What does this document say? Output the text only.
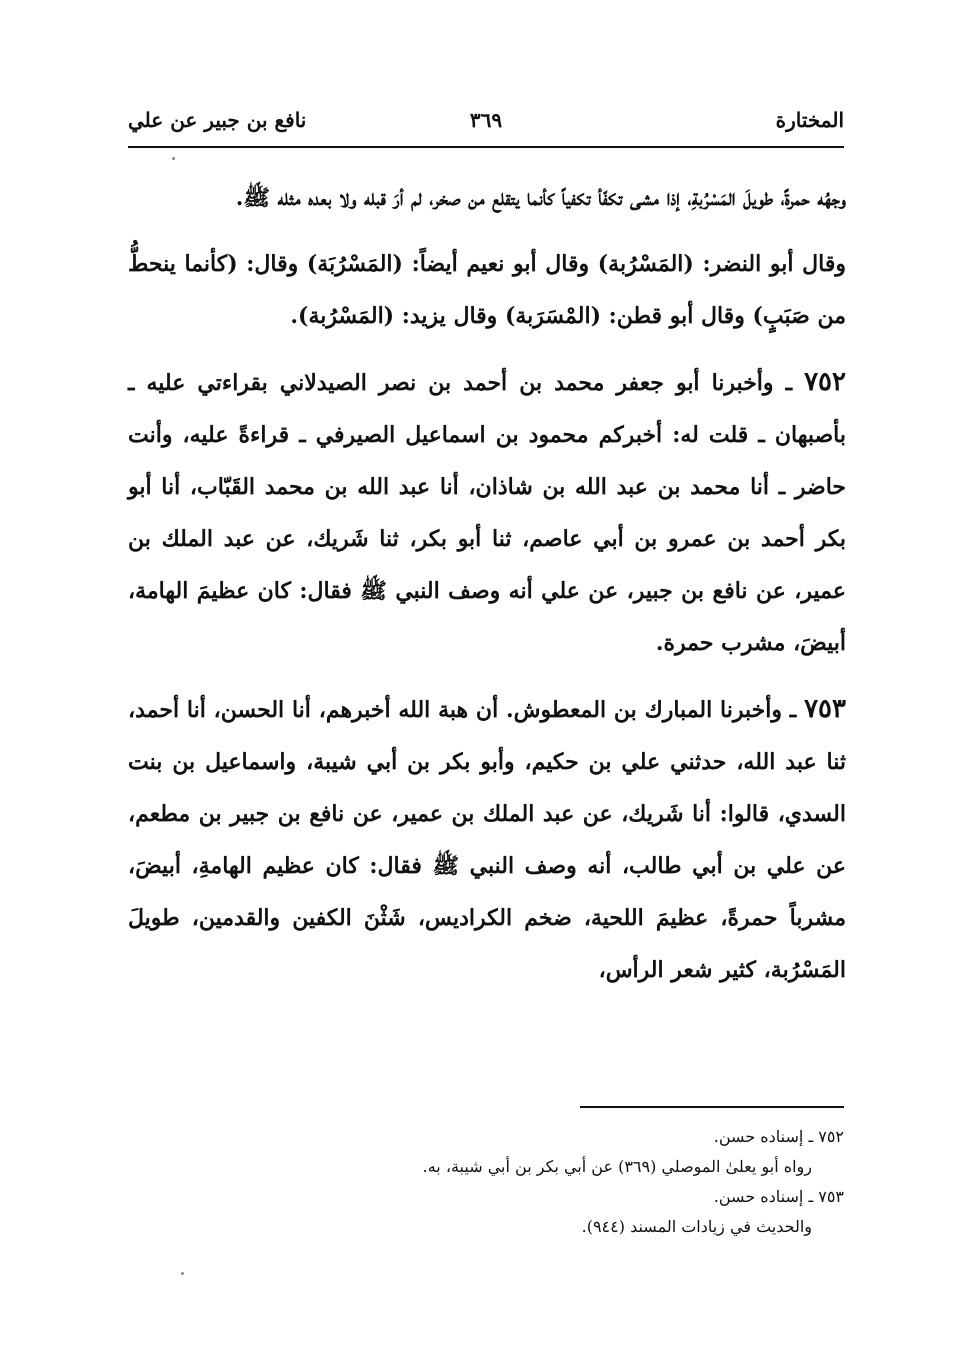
المختارة
٣٦٩
نافع بن جبير عن علي

وجهُه حمرةً، طويلَ المَسْرُبةِ، إذا مشى تكفّأ تكفياً كأنما يتقلع من صخر، لم أرَ قبله ولا بعده مثله ﷺ.

وقال أبو النضر: (المَسْرُبة) وقال أبو نعيم أيضاً: (المَسْرُبَة) وقال: (كأنما ينحطُّ من صَبَبٍ) وقال أبو قطن: (المْسَرَبة) وقال يزيد: (المَسْرُبة).

٧٥٢ ـ وأخبرنا أبو جعفر محمد بن أحمد بن نصر الصيدلاني بقراءتي عليه ـ بأصبهان ـ قلت له: أخبركم محمود بن اسماعيل الصيرفي ـ قراءةً عليه، وأنت حاضر ـ أنا محمد بن عبد الله بن شاذان، أنا عبد الله بن محمد القَبّاب، أنا أبو بكر أحمد بن عمرو بن أبي عاصم، ثنا أبو بكر، ثنا شَريك، عن عبد الملك بن عمير، عن نافع بن جبير، عن علي أنه وصف النبي ﷺ فقال: كان عظيمَ الهامة، أبيضَ، مشرب حمرة.

٧٥٣ ـ وأخبرنا المبارك بن المعطوش. أن هبة الله أخبرهم، أنا الحسن، أنا أحمد، ثنا عبد الله، حدثني علي بن حكيم، وأبو بكر بن أبي شيبة، واسماعيل بن بنت السدي، قالوا: أنا شَريك، عن عبد الملك بن عمير، عن نافع بن جبير بن مطعم، عن علي بن أبي طالب، أنه وصف النبي ﷺ فقال: كان عظيم الهامةِ، أبيضَ، مشرباً حمرةً، عظيمَ اللحية، ضخم الكراديس، شَثْنَ الكفين والقدمين، طويلَ المَسْرُبة، كثير شعر الرأس،

٧٥٢ ـ إسناده حسن.
رواه أبو يعلىٰ الموصلي (٣٦٩) عن أبي بكر بن أبي شيبة، به.
٧٥٣ ـ إسناده حسن.
والحديث في زيادات المسند (٩٤٤).
